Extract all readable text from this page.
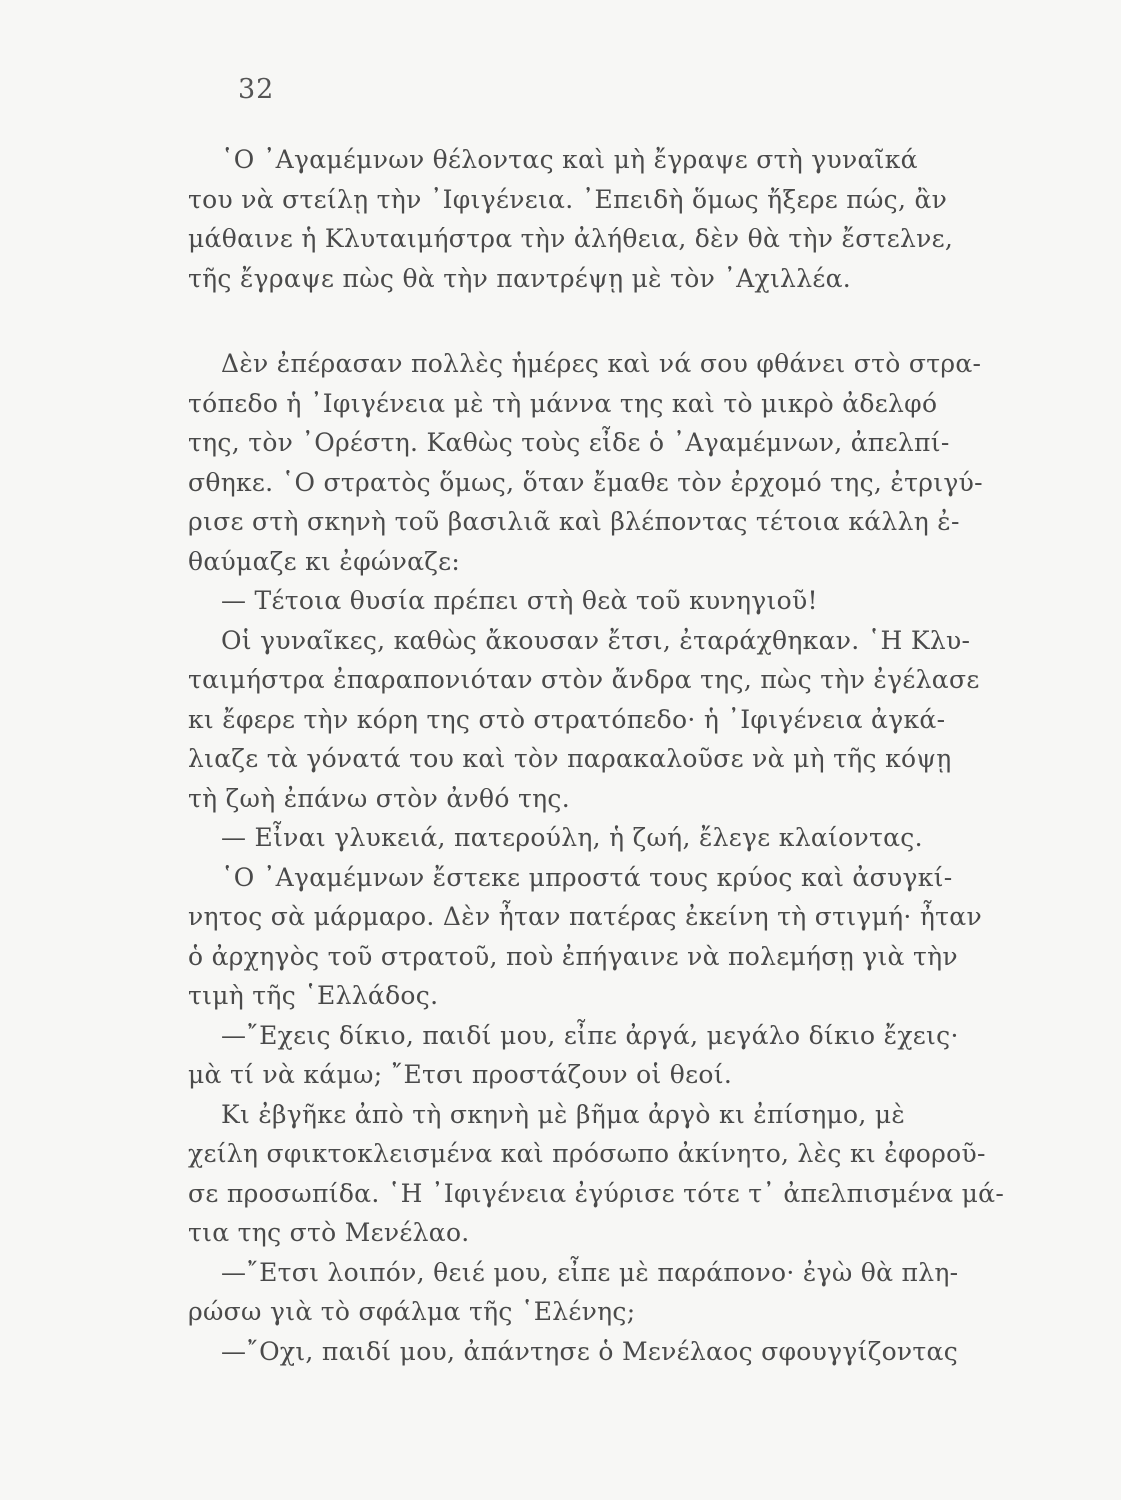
32
῾Ο ᾿Αγαμέμνων θέλοντας καὶ μὴ ἔγραψε στὴ γυναῖκά
του νὰ στείλῃ τὴν ᾿Ιφιγένεια. ᾿Επειδὴ ὅμως ἤξερε πώς, ἂν
μάθαινε ἡ Κλυταιμήστρα τὴν ἀλήθεια, δὲν θὰ τὴν ἔστελνε,
τῆς ἔγραψε πὼς θὰ τὴν παντρέψῃ μὲ τὸν ᾿Αχιλλέα.
Δὲν ἐπέρασαν πολλὲς ἡμέρες καὶ νά σου φθάνει στὸ στρα-
τόπεδο ἡ ᾿Ιφιγένεια μὲ τὴ μάννα της καὶ τὸ μικρὸ ἀδελφό
της, τὸν ᾿Ορέστη. Καθὼς τοὺς εἶδε ὁ ᾿Αγαμέμνων, ἀπελπί-
σθηκε. ῾Ο στρατὸς ὅμως, ὅταν ἔμαθε τὸν ἐρχομό της, ἐτριγύ-
ρισε στὴ σκηνὴ τοῦ βασιλιᾶ καὶ βλέποντας τέτοια κάλλη ἐ-
θαύμαζε κι ἐφώναζε:
— Τέτοια θυσία πρέπει στὴ θεὰ τοῦ κυνηγιοῦ!
Οἱ γυναῖκες, καθὼς ἄκουσαν ἔτσι, ἐταράχθηκαν. ῾Η Κλυ-
ταιμήστρα ἐπαραπονιόταν στὸν ἄνδρα της, πὼς τὴν ἐγέλασε
κι ἔφερε τὴν κόρη της στὸ στρατόπεδο· ἡ ᾿Ιφιγένεια ἀγκά-
λιαζε τὰ γόνατά του καὶ τὸν παρακαλοῦσε νὰ μὴ τῆς κόψῃ
τὴ ζωὴ ἐπάνω στὸν ἀνθό της.
— Εἶναι γλυκειά, πατερούλη, ἡ ζωή, ἔλεγε κλαίοντας.
῾Ο ᾿Αγαμέμνων ἔστεκε μπροστά τους κρύος καὶ ἀσυγκί-
νητος σὰ μάρμαρο. Δὲν ἦταν πατέρας ἐκείνη τὴ στιγμή· ἦταν
ὁ ἀρχηγὸς τοῦ στρατοῦ, ποὺ ἐπήγαινε νὰ πολεμήσῃ γιὰ τὴν
τιμὴ τῆς ῾Ελλάδος.
—῎Εχεις δίκιο, παιδί μου, εἶπε ἀργά, μεγάλο δίκιο ἔχεις·
μὰ τί νὰ κάμω; ῎Ετσι προστάζουν οἱ θεοί.
Κι ἐβγῆκε ἀπὸ τὴ σκηνὴ μὲ βῆμα ἀργὸ κι ἐπίσημο, μὲ
χείλη σφικτοκλεισμένα καὶ πρόσωπο ἀκίνητο, λὲς κι ἐφοροῦ-
σε προσωπίδα. ῾Η ᾿Ιφιγένεια ἐγύρισε τότε τ᾿ ἀπελπισμένα μά-
τια της στὸ Μενέλαο.
—῎Ετσι λοιπόν, θειέ μου, εἶπε μὲ παράπονο· ἐγὼ θὰ πλη-
ρώσω γιὰ τὸ σφάλμα τῆς ῾Ελένης;
—῎Οχι, παιδί μου, ἀπάντησε ὁ Μενέλαος σφουγγίζοντας
